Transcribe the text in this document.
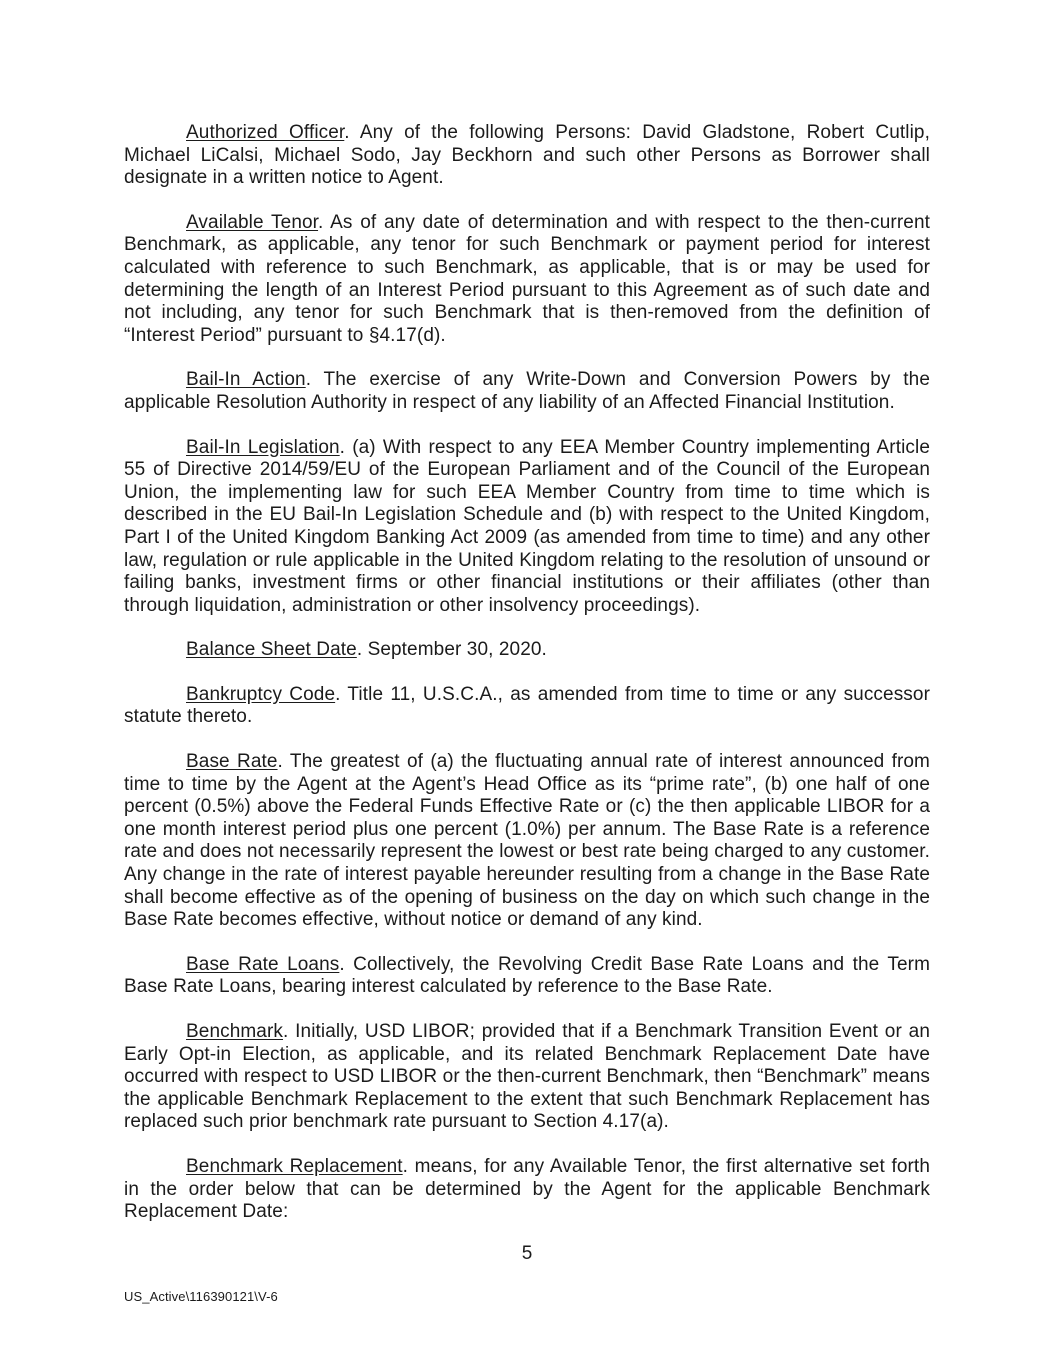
Authorized Officer. Any of the following Persons: David Gladstone, Robert Cutlip, Michael LiCalsi, Michael Sodo, Jay Beckhorn and such other Persons as Borrower shall designate in a written notice to Agent.

Available Tenor. As of any date of determination and with respect to the then-current Benchmark, as applicable, any tenor for such Benchmark or payment period for interest calculated with reference to such Benchmark, as applicable, that is or may be used for determining the length of an Interest Period pursuant to this Agreement as of such date and not including, any tenor for such Benchmark that is then-removed from the definition of “Interest Period” pursuant to §4.17(d).

Bail-In Action. The exercise of any Write-Down and Conversion Powers by the applicable Resolution Authority in respect of any liability of an Affected Financial Institution.

Bail-In Legislation. (a) With respect to any EEA Member Country implementing Article 55 of Directive 2014/59/EU of the European Parliament and of the Council of the European Union, the implementing law for such EEA Member Country from time to time which is described in the EU Bail-In Legislation Schedule and (b) with respect to the United Kingdom, Part I of the United Kingdom Banking Act 2009 (as amended from time to time) and any other law, regulation or rule applicable in the United Kingdom relating to the resolution of unsound or failing banks, investment firms or other financial institutions or their affiliates (other than through liquidation, administration or other insolvency proceedings).

Balance Sheet Date. September 30, 2020.

Bankruptcy Code. Title 11, U.S.C.A., as amended from time to time or any successor statute thereto.

Base Rate. The greatest of (a) the fluctuating annual rate of interest announced from time to time by the Agent at the Agent’s Head Office as its “prime rate”, (b) one half of one percent (0.5%) above the Federal Funds Effective Rate or (c) the then applicable LIBOR for a one month interest period plus one percent (1.0%) per annum. The Base Rate is a reference rate and does not necessarily represent the lowest or best rate being charged to any customer. Any change in the rate of interest payable hereunder resulting from a change in the Base Rate shall become effective as of the opening of business on the day on which such change in the Base Rate becomes effective, without notice or demand of any kind.

Base Rate Loans. Collectively, the Revolving Credit Base Rate Loans and the Term Base Rate Loans, bearing interest calculated by reference to the Base Rate.

Benchmark. Initially, USD LIBOR; provided that if a Benchmark Transition Event or an Early Opt-in Election, as applicable, and its related Benchmark Replacement Date have occurred with respect to USD LIBOR or the then-current Benchmark, then “Benchmark” means the applicable Benchmark Replacement to the extent that such Benchmark Replacement has replaced such prior benchmark rate pursuant to Section 4.17(a).

Benchmark Replacement. means, for any Available Tenor, the first alternative set forth in the order below that can be determined by the Agent for the applicable Benchmark Replacement Date:

5
US_Active\116390121\V-6
